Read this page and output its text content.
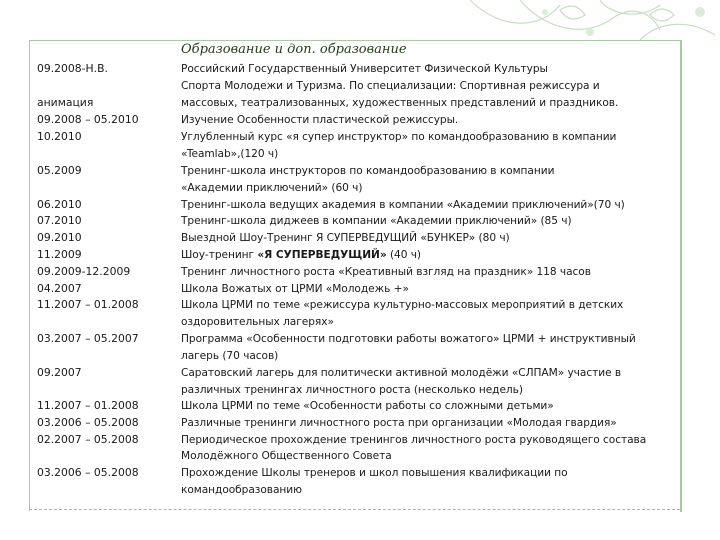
Образование и доп. образование
09.2008-Н.В.	Российский Государственный Университет Физической Культуры
Спорта Молодежи и Туризма. По специализации: Спортивная режиссура и
анимация	массовых, театрализованных, художественных представлений и праздников.
09.2008 – 05.2010	Изучение Особенности пластической режиссуры.
10.2010	Углубленный курс «я супер инструктор» по командообразованию в компании
«Teamlab»,(120 ч)
05.2009	Тренинг-школа инструкторов по командообразованию в компании
«Академии приключений» (60 ч)
06.2010	Тренинг-школа ведущих академия в компании «Академии приключений»(70 ч)
07.2010	Тренинг-школа диджеев в компании «Академии приключений» (85 ч)
09.2010	Выездной Шоу-Тренинг Я СУПЕРВЕДУЩИЙ «БУНКЕР» (80 ч)
11.2009	Шоу-тренинг «Я СУПЕРВЕДУЩИЙ» (40 ч)
09.2009-12.2009	Тренинг личностного роста «Креативный взгляд на праздник» 118 часов
04.2007	Школа Вожатых от ЦРМИ «Молодежь +»
11.2007 – 01.2008	Школа ЦРМИ по теме «режиссура культурно-массовых мероприятий в детских
оздоровительных лагерях»
03.2007 – 05.2007	Программа «Особенности подготовки работы вожатого» ЦРМИ + инструктивный
лагерь (70 часов)
09.2007	Саратовский лагерь для политически активной молодёжи «СЛПАМ» участие в
различных тренингах личностного роста (несколько недель)
11.2007 – 01.2008	Школа ЦРМИ по теме «Особенности работы со сложными детьми»
03.2006 – 05.2008	Различные тренинги личностного роста при организации «Молодая гвардия»
02.2007 – 05.2008	Периодическое прохождение тренингов личностного роста руководящего состава
Молодёжного Общественного Совета
03.2006 – 05.2008	Прохождение Школы тренеров и школ повышения квалификации по
командообразованию
